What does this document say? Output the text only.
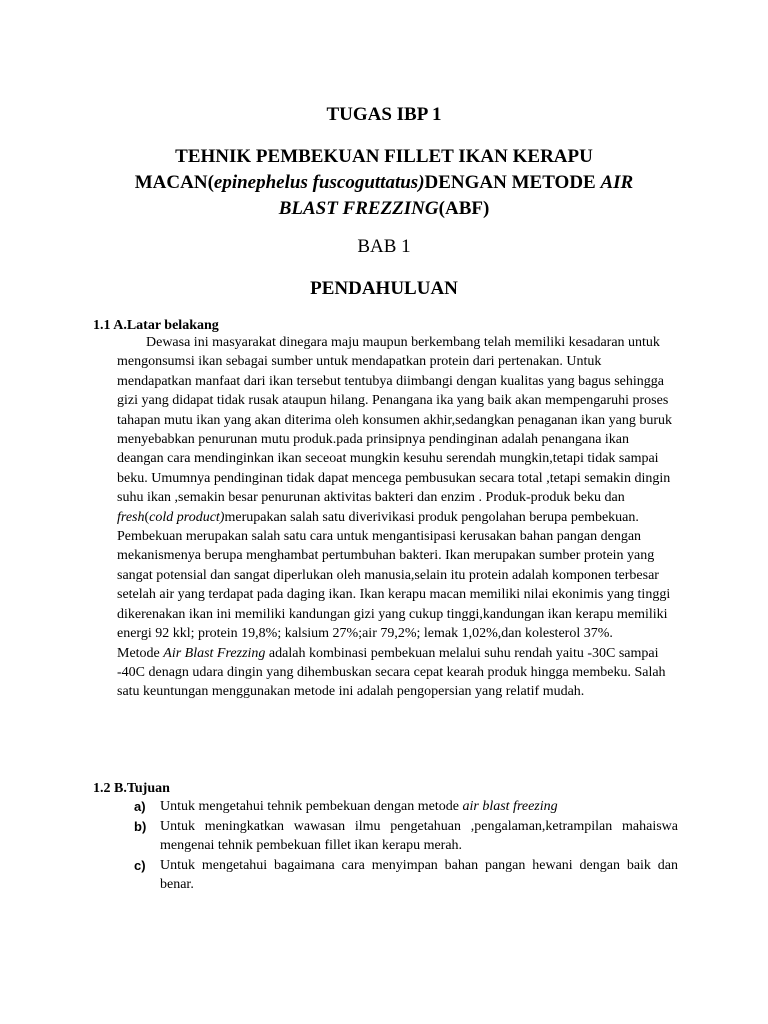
TUGAS IBP 1
TEHNIK PEMBEKUAN FILLET IKAN KERAPU MACAN(epinephelus fuscoguttatus)DENGAN METODE AIR BLAST FREZZING(ABF)
BAB 1
PENDAHULUAN

1.1 A.Latar belakang

Dewasa ini masyarakat dinegara maju maupun berkembang telah memiliki kesadaran untuk mengonsumsi ikan sebagai sumber untuk mendapatkan protein dari pertenakan. Untuk mendapatkan manfaat dari ikan tersebut tentubya diimbangi dengan kualitas yang bagus sehingga gizi yang didapat tidak rusak ataupun hilang. Penangana ika yang baik akan mempengaruhi proses tahapan mutu ikan yang akan diterima oleh konsumen akhir,sedangkan penaganan ikan yang buruk menyebabkan penurunan mutu produk.pada prinsipnya pendinginan adalah penangana ikan deangan cara mendinginkan ikan seceoat mungkin kesuhu serendah mungkin,tetapi tidak sampai beku. Umumnya pendinginan tidak dapat mencega pembusukan secara total ,tetapi semakin dingin suhu ikan ,semakin besar penurunan aktivitas bakteri dan enzim . Produk-produk beku dan fresh(cold product)merupakan salah satu diverivikasi produk pengolahan berupa pembekuan. Pembekuan merupakan salah satu cara untuk mengantisipasi kerusakan bahan pangan dengan mekanismenya berupa menghambat pertumbuhan bakteri. Ikan merupakan sumber protein yang sangat potensial dan sangat diperlukan oleh manusia,selain itu protein adalah komponen terbesar setelah air yang terdapat pada daging ikan. Ikan kerapu macan memiliki nilai ekonimis yang tinggi dikerenakan ikan ini memiliki kandungan gizi yang cukup tinggi,kandungan ikan kerapu memiliki energi 92 kkl; protein 19,8%; kalsium 27%;air 79,2%; lemak 1,02%,dan kolesterol 37%.

Metode Air Blast Frezzing adalah kombinasi pembekuan melalui suhu rendah yaitu -30C sampai -40C denagn udara dingin yang dihembuskan secara cepat kearah produk hingga membeku. Salah satu keuntungan menggunakan metode ini adalah pengopersian yang relatif mudah.

1.2 B.Tujuan

a)	Untuk mengetahui tehnik pembekuan dengan metode air blast freezing
b) Untuk meningkatkan wawasan ilmu pengetahuan ,pengalaman,ketrampilan mahaiswa mengenai tehnik pembekuan fillet ikan kerapu merah.
c)	Untuk mengetahui bagaimana cara menyimpan bahan pangan hewani dengan baik dan benar.
